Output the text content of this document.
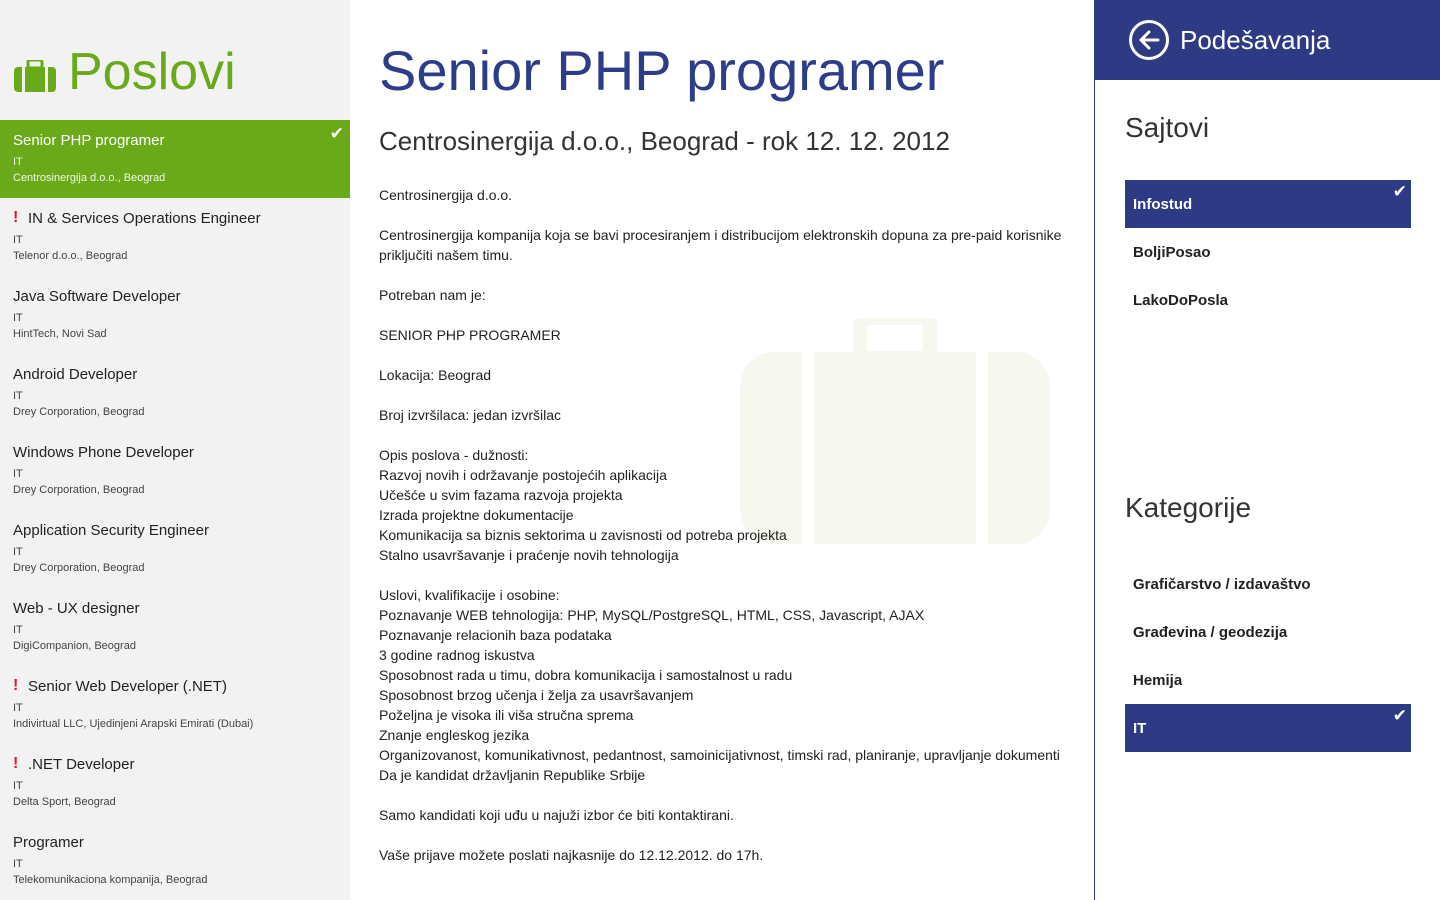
Poslovi
Senior PHP programer
IT
Centrosinergija d.o.o., Beograd
✔
! IN & Services Operations Engineer
IT
Telenor d.o.o., Beograd
Java Software Developer
IT
HintTech, Novi Sad
Android Developer
IT
Drey Corporation, Beograd
Windows Phone Developer
IT
Drey Corporation, Beograd
Application Security Engineer
IT
Drey Corporation, Beograd
Web - UX designer
IT
DigiCompanion, Beograd
! Senior Web Developer (.NET)
IT
Indivirtual LLC, Ujedinjeni Arapski Emirati (Dubai)
! .NET Developer
IT
Delta Sport, Beograd
Programer
IT
Telekomunikaciona kompanija, Beograd
Senior PHP programer
Centrosinergija d.o.o., Beograd - rok 12. 12. 2012
Centrosinergija d.o.o.
Centrosinergija kompanija koja se bavi procesiranjem i distribucijom elektronskih dopuna za pre-paid korisnike
priključiti našem timu.
Potreban nam je:
SENIOR PHP PROGRAMER
Lokacija: Beograd
Broj izvršilaca: jedan izvršilac
Opis poslova - dužnosti:
Razvoj novih i održavanje postojećih aplikacija
Učešće u svim fazama razvoja projekta
Izrada projektne dokumentacije
Komunikacija sa biznis sektorima u zavisnosti od potreba projekta
Stalno usavršavanje i praćenje novih tehnologija
Uslovi, kvalifikacije i osobine:
Poznavanje WEB tehnologija: PHP, MySQL/PostgreSQL, HTML, CSS, Javascript, AJAX
Poznavanje relacionih baza podataka
3 godine radnog iskustva
Sposobnost rada u timu, dobra komunikacija i samostalnost u radu
Sposobnost brzog učenja i želja za usavršavanjem
Poželjna je visoka ili viša stručna sprema
Znanje engleskog jezika
Organizovanost, komunikativnost, pedantnost, samoinicijativnost, timski rad, planiranje, upravljanje dokumenti
Da je kandidat državljanin Republike Srbije
Samo kandidati koji uđu u najuži izbor će biti kontaktirani.
Vaše prijave možete poslati najkasnije do 12.12.2012. do 17h.
Podešavanja
Sajtovi
Infostud
✔
BoljiPosao
LakoDoPosla
Kategorije
Grafičarstvo / izdavaštvo
Građevina / geodezija
Hemija
IT
✔
